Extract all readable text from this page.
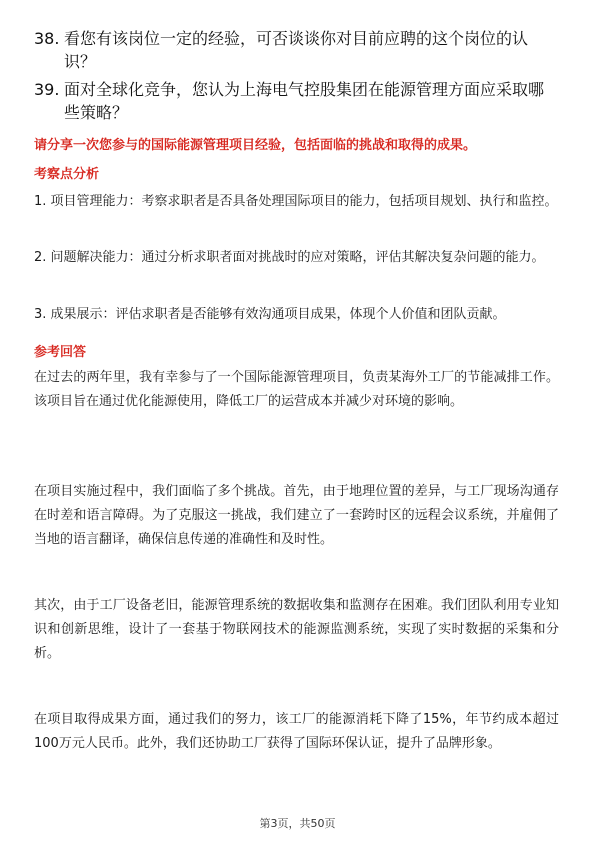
38. 看您有该岗位一定的经验，可否谈谈你对目前应聘的这个岗位的认识？
39. 面对全球化竞争，您认为上海电气控股集团在能源管理方面应采取哪些策略？
请分享一次您参与的国际能源管理项目经验，包括面临的挑战和取得的成果。
考察点分析
1. 项目管理能力：考察求职者是否具备处理国际项目的能力，包括项目规划、执行和监控。
2. 问题解决能力：通过分析求职者面对挑战时的应对策略，评估其解决复杂问题的能力。
3. 成果展示：评估求职者是否能够有效沟通项目成果，体现个人价值和团队贡献。
参考回答
在过去的两年里，我有幸参与了一个国际能源管理项目，负责某海外工厂的节能减排工作。该项目旨在通过优化能源使用，降低工厂的运营成本并减少对环境的影响。
在项目实施过程中，我们面临了多个挑战。首先，由于地理位置的差异，与工厂现场沟通存在时差和语言障碍。为了克服这一挑战，我们建立了一套跨时区的远程会议系统，并雇佣了当地的语言翻译，确保信息传递的准确性和及时性。
其次，由于工厂设备老旧，能源管理系统的数据收集和监测存在困难。我们团队利用专业知识和创新思维，设计了一套基于物联网技术的能源监测系统，实现了实时数据的采集和分析。
在项目取得成果方面，通过我们的努力，该工厂的能源消耗下降了15%，年节约成本超过100万元人民币。此外，我们还协助工厂获得了国际环保认证，提升了品牌形象。
第3页，共50页
